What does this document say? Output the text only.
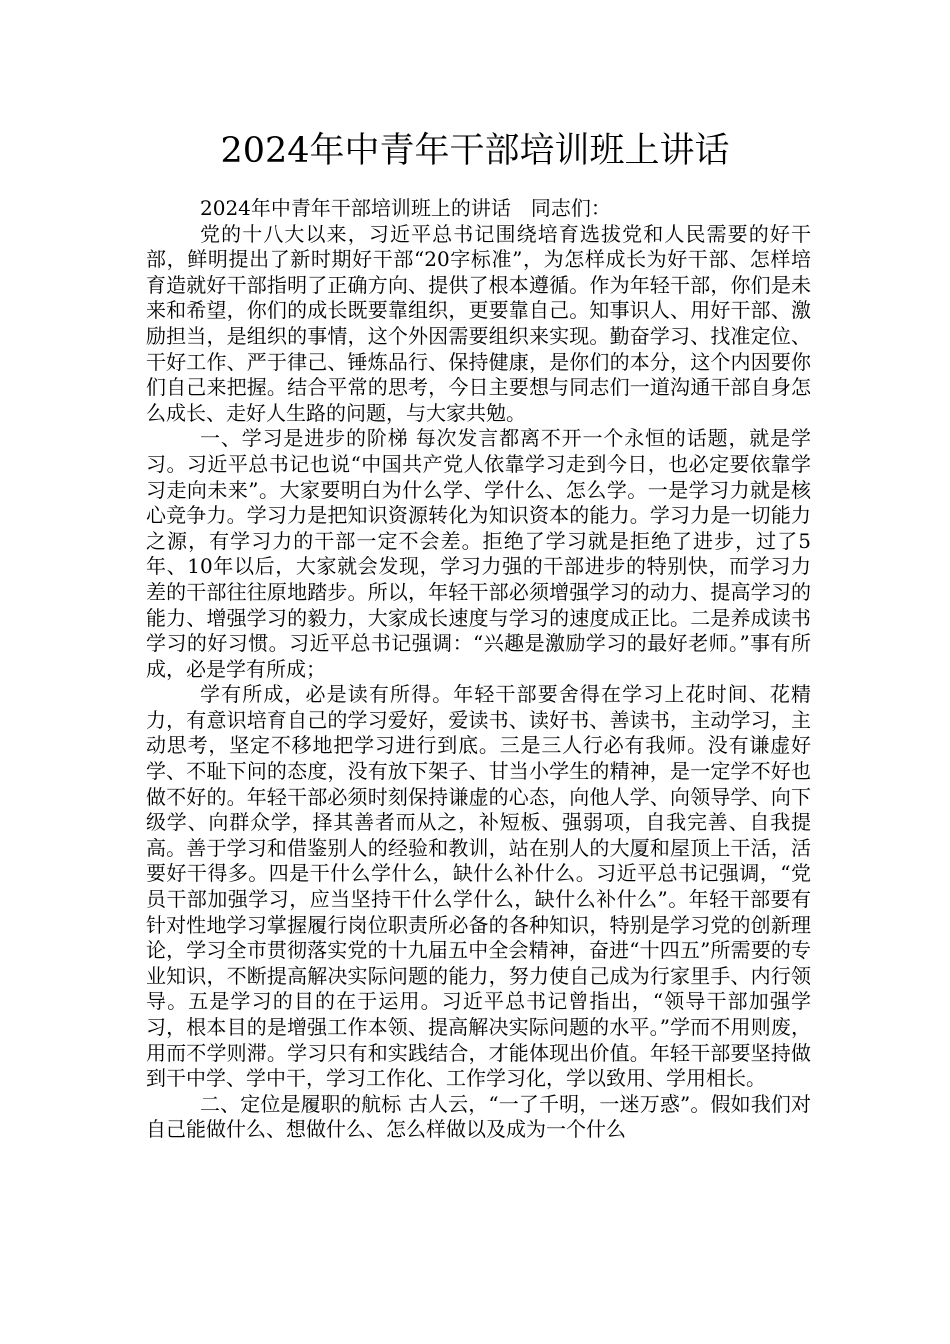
2024年中青年干部培训班上讲话

2024年中青年干部培训班上的讲话　同志们：

党的十八大以来，习近平总书记围绕培育选拔党和人民需要的好干部，鲜明提出了新时期好干部“20字标准”，为怎样成长为好干部、怎样培育造就好干部指明了正确方向、提供了根本遵循。作为年轻干部，你们是未来和希望，你们的成长既要靠组织，更要靠自己。知事识人、用好干部、激励担当，是组织的事情，这个外因需要组织来实现。勤奋学习、找准定位、干好工作、严于律己、锤炼品行、保持健康，是你们的本分，这个内因要你们自己来把握。结合平常的思考，今日主要想与同志们一道沟通干部自身怎么成长、走好人生路的问题，与大家共勉。

一、学习是进步的阶梯 每次发言都离不开一个永恒的话题，就是学习。习近平总书记也说“中国共产党人依靠学习走到今日，也必定要依靠学习走向未来”。大家要明白为什么学、学什么、怎么学。一是学习力就是核心竞争力。学习力是把知识资源转化为知识资本的能力。学习力是一切能力之源，有学习力的干部一定不会差。拒绝了学习就是拒绝了进步，过了5年、10年以后，大家就会发现，学习力强的干部进步的特别快，而学习力差的干部往往原地踏步。所以，年轻干部必须增强学习的动力、提高学习的能力、增强学习的毅力，大家成长速度与学习的速度成正比。二是养成读书学习的好习惯。习近平总书记强调：“兴趣是激励学习的最好老师。”事有所成，必是学有所成；

学有所成，必是读有所得。年轻干部要舍得在学习上花时间、花精力，有意识培育自己的学习爱好，爱读书、读好书、善读书，主动学习，主动思考，坚定不移地把学习进行到底。三是三人行必有我师。没有谦虚好学、不耻下问的态度，没有放下架子、甘当小学生的精神，是一定学不好也做不好的。年轻干部必须时刻保持谦虚的心态，向他人学、向领导学、向下级学、向群众学，择其善者而从之，补短板、强弱项，自我完善、自我提高。善于学习和借鉴别人的经验和教训，站在别人的大厦和屋顶上干活，活要好干得多。四是干什么学什么，缺什么补什么。习近平总书记强调，“党员干部加强学习，应当坚持干什么学什么，缺什么补什么”。年轻干部要有针对性地学习掌握履行岗位职责所必备的各种知识，特别是学习党的创新理论，学习全市贯彻落实党的十九届五中全会精神，奋进“十四五”所需要的专业知识，不断提高解决实际问题的能力，努力使自己成为行家里手、内行领导。五是学习的目的在于运用。习近平总书记曾指出，“领导干部加强学习，根本目的是增强工作本领、提高解决实际问题的水平。”学而不用则废，用而不学则滞。学习只有和实践结合，才能体现出价值。年轻干部要坚持做到干中学、学中干，学习工作化、工作学习化，学以致用、学用相长。

二、定位是履职的航标 古人云，“一了千明，一迷万惑”。假如我们对自己能做什么、想做什么、怎么样做以及成为一个什么
